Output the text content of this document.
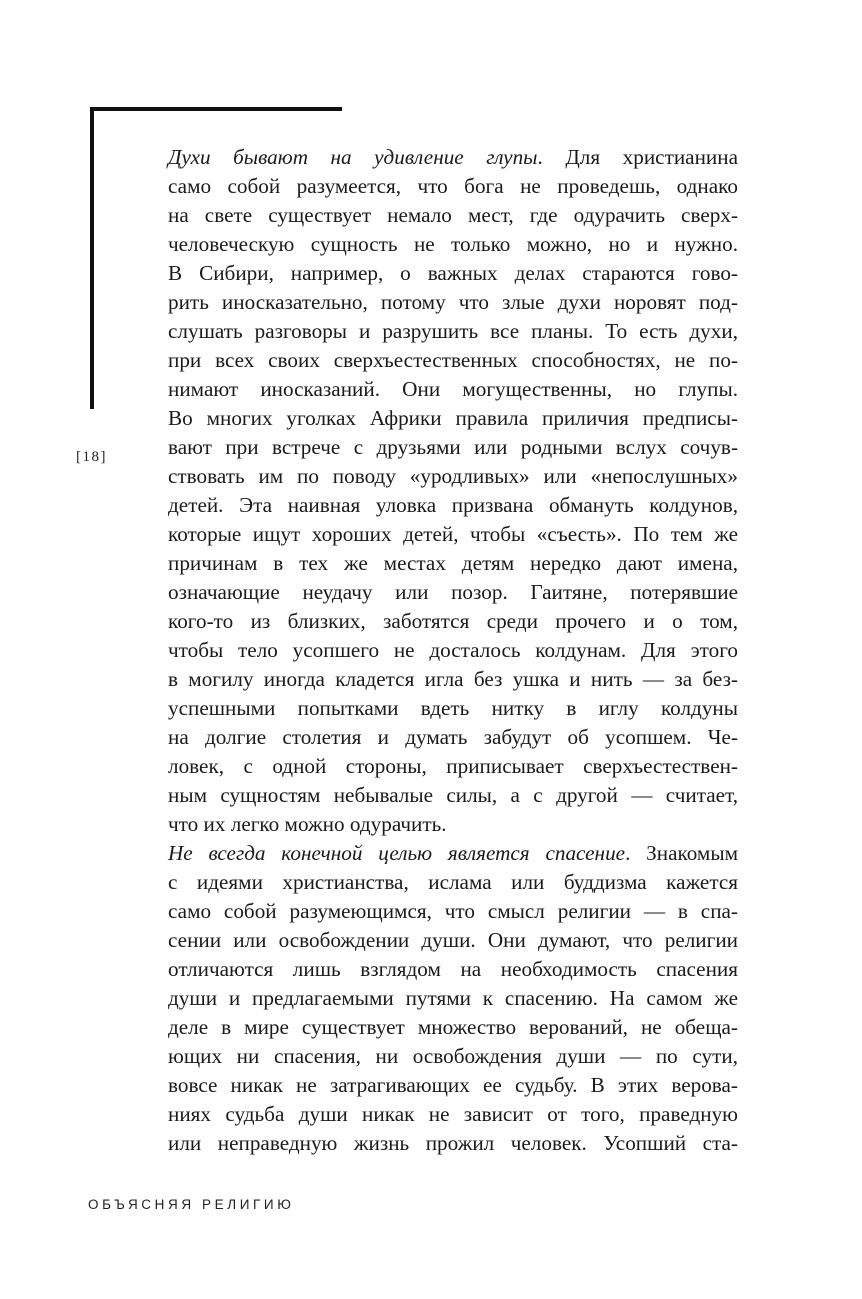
[18]
Духи бывают на удивление глупы. Для христианина
само собой разумеется, что бога не проведешь, однако
на свете существует немало мест, где одурачить сверх-
человеческую сущность не только можно, но и нужно.
В Сибири, например, о важных делах стараются гово-
рить иносказательно, потому что злые духи норовят под-
слушать разговоры и разрушить все планы. То есть духи,
при всех своих сверхъестественных способностях, не по-
нимают иносказаний. Они могущественны, но глупы.
Во многих уголках Африки правила приличия предписы-
вают при встрече с друзьями или родными вслух сочув-
ствовать им по поводу «уродливых» или «непослушных»
детей. Эта наивная уловка призвана обмануть колдунов,
которые ищут хороших детей, чтобы «съесть». По тем же
причинам в тех же местах детям нередко дают имена,
означающие неудачу или позор. Гаитяне, потерявшие
кого-то из близких, заботятся среди прочего и о том,
чтобы тело усопшего не досталось колдунам. Для этого
в могилу иногда кладется игла без ушка и нить — за без-
успешными попытками вдеть нитку в иглу колдуны
на долгие столетия и думать забудут об усопшем. Че-
ловек, с одной стороны, приписывает сверхъестествен-
ным сущностям небывалые силы, а с другой — считает,
что их легко можно одурачить.
Не всегда конечной целью является спасение. Знакомым
с идеями христианства, ислама или буддизма кажется
само собой разумеющимся, что смысл религии — в спа-
сении или освобождении души. Они думают, что религии
отличаются лишь взглядом на необходимость спасения
души и предлагаемыми путями к спасению. На самом же
деле в мире существует множество верований, не обеща-
ющих ни спасения, ни освобождения души — по сути,
вовсе никак не затрагивающих ее судьбу. В этих верова-
ниях судьба души никак не зависит от того, праведную
или неправедную жизнь прожил человек. Усопший ста-
ОБЪЯСНЯЯ РЕЛИГИЮ
